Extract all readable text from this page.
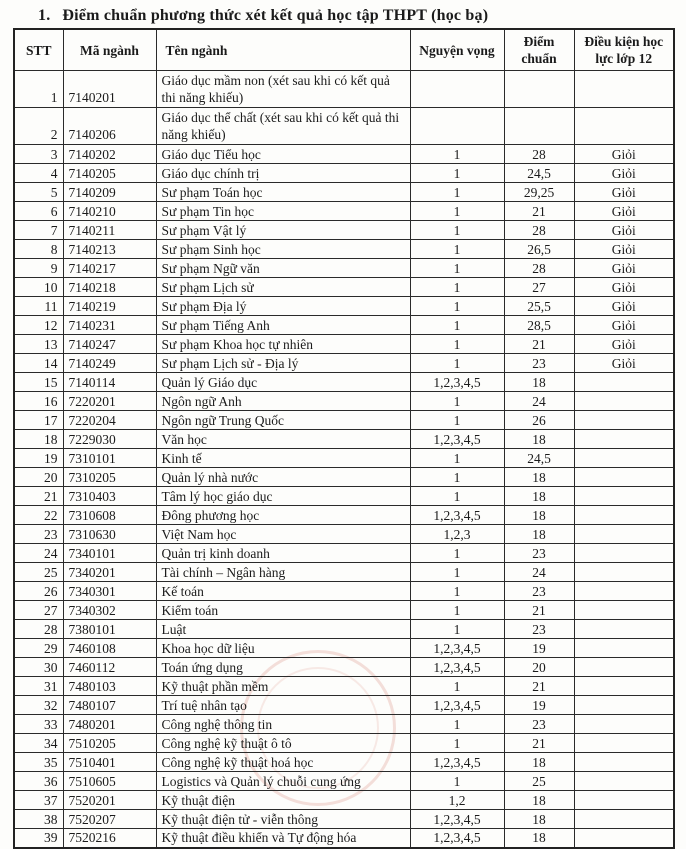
1. Điểm chuẩn phương thức xét kết quả học tập THPT (học bạ)
STT	Mã ngành	Tên ngành	Nguyện vọng	Điểm chuẩn	Điều kiện học lực lớp 12
1	7140201	Giáo dục mầm non (xét sau khi có kết quả thi năng khiếu)			
2	7140206	Giáo dục thể chất (xét sau khi có kết quả thi năng khiếu)			
3	7140202	Giáo dục Tiểu học	1	28	Giỏi
4	7140205	Giáo dục chính trị	1	24,5	Giỏi
5	7140209	Sư phạm Toán học	1	29,25	Giỏi
6	7140210	Sư phạm Tin học	1	21	Giỏi
7	7140211	Sư phạm Vật lý	1	28	Giỏi
8	7140213	Sư phạm Sinh học	1	26,5	Giỏi
9	7140217	Sư phạm Ngữ văn	1	28	Giỏi
10	7140218	Sư phạm Lịch sử	1	27	Giỏi
11	7140219	Sư phạm Địa lý	1	25,5	Giỏi
12	7140231	Sư phạm Tiếng Anh	1	28,5	Giỏi
13	7140247	Sư phạm Khoa học tự nhiên	1	21	Giỏi
14	7140249	Sư phạm Lịch sử - Địa lý	1	23	Giỏi
15	7140114	Quản lý Giáo dục	1,2,3,4,5	18	
16	7220201	Ngôn ngữ Anh	1	24	
17	7220204	Ngôn ngữ Trung Quốc	1	26	
18	7229030	Văn học	1,2,3,4,5	18	
19	7310101	Kinh tế	1	24,5	
20	7310205	Quản lý nhà nước	1	18	
21	7310403	Tâm lý học giáo dục	1	18	
22	7310608	Đông phương học	1,2,3,4,5	18	
23	7310630	Việt Nam học	1,2,3	18	
24	7340101	Quản trị kinh doanh	1	23	
25	7340201	Tài chính – Ngân hàng	1	24	
26	7340301	Kế toán	1	23	
27	7340302	Kiểm toán	1	21	
28	7380101	Luật	1	23	
29	7460108	Khoa học dữ liệu	1,2,3,4,5	19	
30	7460112	Toán ứng dụng	1,2,3,4,5	20	
31	7480103	Kỹ thuật phần mềm	1	21	
32	7480107	Trí tuệ nhân tạo	1,2,3,4,5	19	
33	7480201	Công nghệ thông tin	1	23	
34	7510205	Công nghệ kỹ thuật ô tô	1	21	
35	7510401	Công nghệ kỹ thuật hoá học	1,2,3,4,5	18	
36	7510605	Logistics và Quản lý chuỗi cung ứng	1	25	
37	7520201	Kỹ thuật điện	1,2	18	
38	7520207	Kỹ thuật điện tử - viễn thông	1,2,3,4,5	18	
39	7520216	Kỹ thuật điều khiển và Tự động hóa	1,2,3,4,5	18	
